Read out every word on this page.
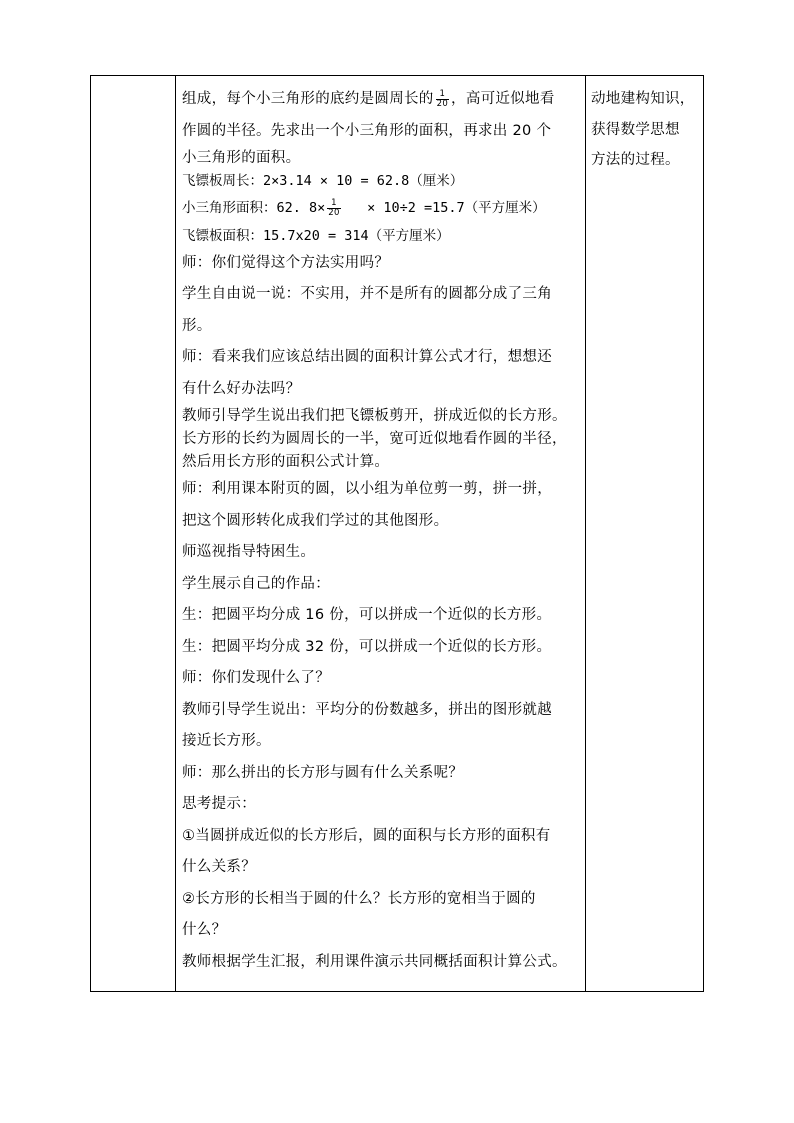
组成，每个小三角形的底约是圆周长的 $\frac{1}{20}$ ，高可近似地看
作圆的半径。先求出一个小三角形的面积，再求出 20 个
小三角形的面积。
飞镖板周长：2×3.14 × 10 = 62.8（厘米）
小三角形面积：62. $8\times \frac{1}{20} \times 10\div 2 =15.7$（平方厘米）
飞镖板面积：15.7x20 = 314（平方厘米）
师：你们觉得这个方法实用吗？
学生自由说一说：不实用，并不是所有的圆都分成了三角
形。
师：看来我们应该总结出圆的面积计算公式才行，想想还
有什么好办法吗？
教师引导学生说出我们把飞镖板剪开，拼成近似的长方形。
长方形的长约为圆周长的一半，宽可近似地看作圆的半径，
然后用长方形的面积公式计算。
师：利用课本附页的圆，以小组为单位剪一剪，拼一拼，
把这个圆形转化成我们学过的其他图形。
师巡视指导特困生。
学生展示自己的作品：
生：把圆平均分成 16 份，可以拼成一个近似的长方形。
生：把圆平均分成 32 份，可以拼成一个近似的长方形。
师：你们发现什么了？
教师引导学生说出：平均分的份数越多，拼出的图形就越
接近长方形。
师：那么拼出的长方形与圆有什么关系呢？
思考提示：
①当圆拼成近似的长方形后，圆的面积与长方形的面积有
什么关系？
②长方形的长相当于圆的什么？长方形的宽相当于圆的
什么？
教师根据学生汇报，利用课件演示共同概括面积计算公式。
动地建构知识，
获得数学思想
方法的过程。
